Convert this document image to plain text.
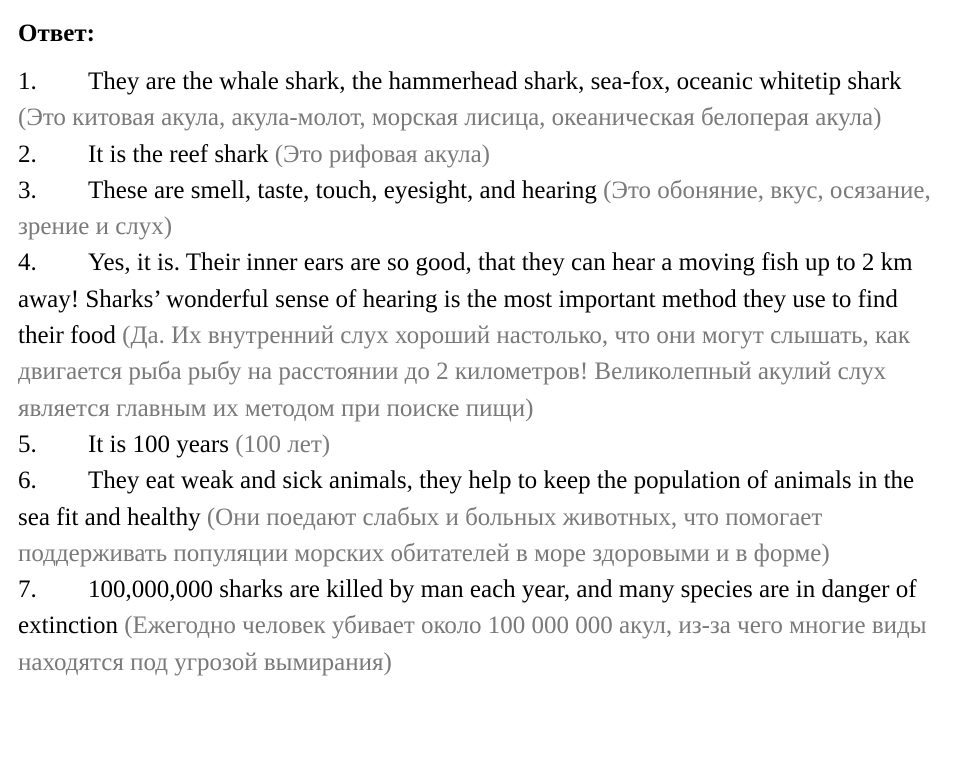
Ответ:
1. They are the whale shark, the hammerhead shark, sea-fox, oceanic whitetip shark (Это китовая акула, акула-молот, морская лисица, океаническая белоперая акула)
2. It is the reef shark (Это рифовая акула)
3. These are smell, taste, touch, eyesight, and hearing (Это обоняние, вкус, осязание, зрение и слух)
4. Yes, it is. Their inner ears are so good, that they can hear a moving fish up to 2 km away! Sharks’ wonderful sense of hearing is the most important method they use to find their food (Да. Их внутренний слух хороший настолько, что они могут слышать, как двигается рыба рыбу на расстоянии до 2 километров! Великолепный акулий слух является главным их методом при поиске пищи)
5. It is 100 years (100 лет)
6. They eat weak and sick animals, they help to keep the population of animals in the sea fit and healthy (Они поедают слабых и больных животных, что помогает поддерживать популяции морских обитателей в море здоровыми и в форме)
7. 100,000,000 sharks are killed by man each year, and many species are in danger of extinction (Ежегодно человек убивает около 100 000 000 акул, из-за чего многие виды находятся под угрозой вымирания)
